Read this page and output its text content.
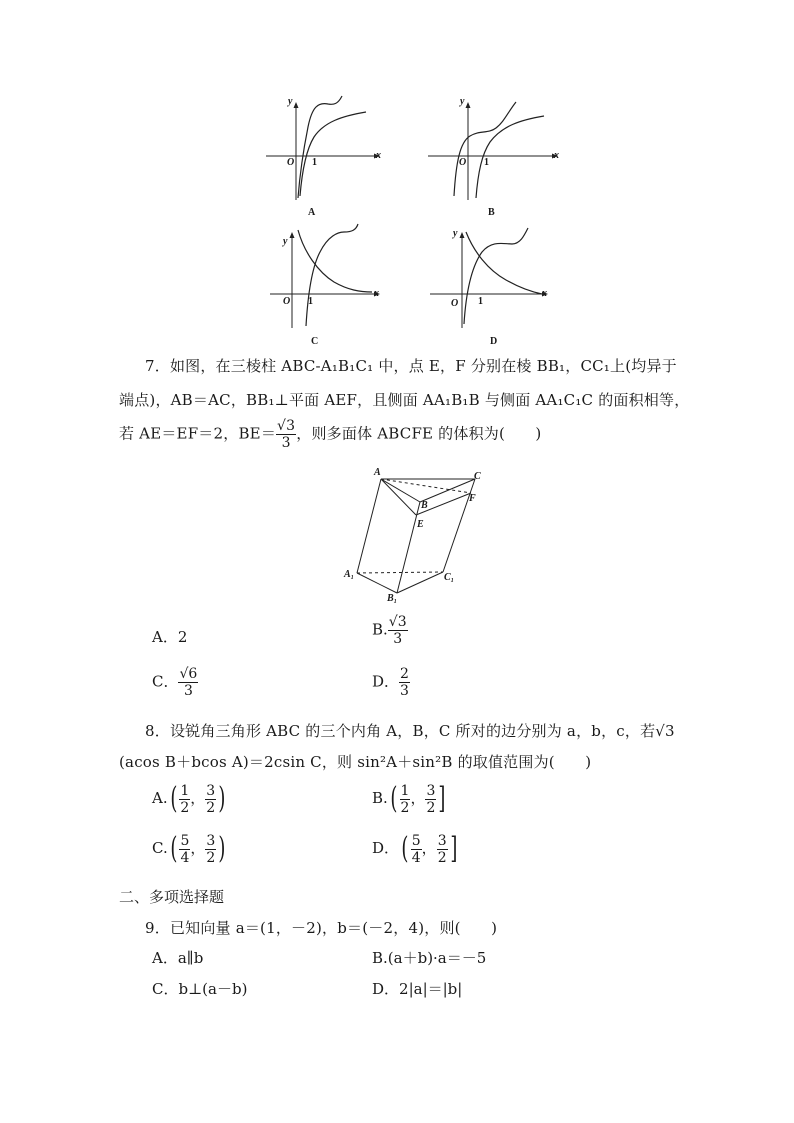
y
x
O 1
A
y
x
O 1
B
y
x
O 1
C
y
x
O 1
D
7．如图，在三棱柱 ABC-A₁B₁C₁ 中，点 E，F 分别在棱 BB₁，CC₁上(均异于
端点)，AB＝AC，BB₁⊥平面 AEF，且侧面 AA₁B₁B 与侧面 AA₁C₁C 的面积相等，
若 AE＝EF＝2，$BE= \frac{√3}{3}$ ，则多面体 ABCFE 的体积为(　　)
A	C
B
F
E
A₁	C₁
B₁
A．2	B. $\frac{√3}{3}$
C． $\frac{√6}{3}$	D． $\frac{2}{3}$
8．设锐角三角形 ABC 的三个内角 A，B，C 所对的边分别为 a，b，c，若√3
(acos B＋bcos A)＝2csin C，则 sin²A＋sin²B 的取值范围为(　　)
$A.( \frac{1}{2}$ ， $\frac{3}{2}$ )	$B.( \frac{1}{2}$ ， $\frac{3}{2}$ ]
$C.( \frac{5}{4}$ ， $\frac{3}{2}$ )	D．( $\frac{5}{4}$ ， $\frac{3}{2}$ ]
二、多项选择题
9．已知向量 a＝(1，－2)，b＝(－2，4)，则(　　)
A．a∥b	B.(a＋b)·a＝－5
C．b⊥(a－b)	D．2|a|＝|b|
